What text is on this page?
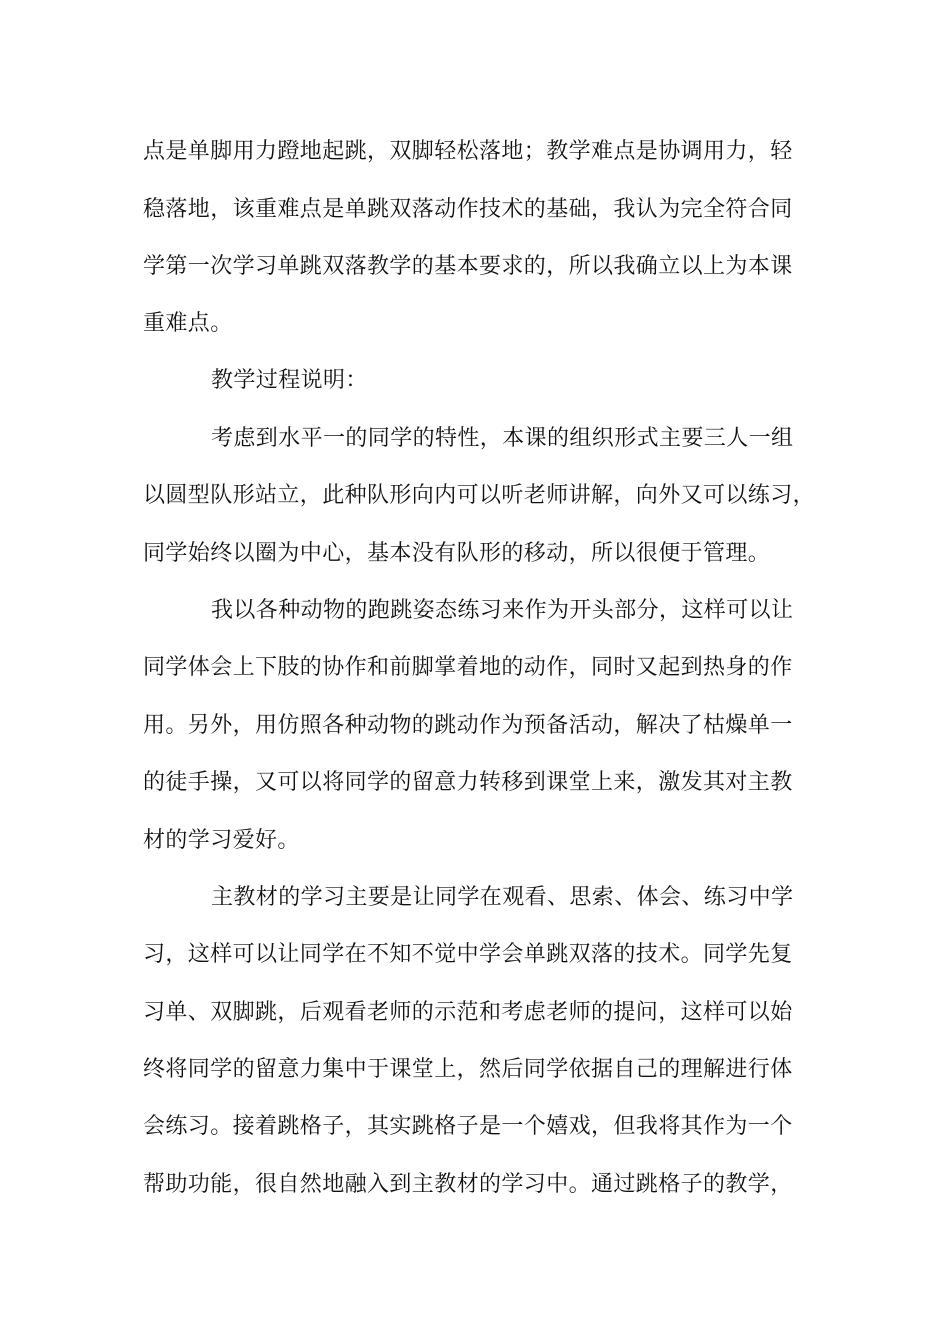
点是单脚用力蹬地起跳，双脚轻松落地；教学难点是协调用力，轻
稳落地，该重难点是单跳双落动作技术的基础，我认为完全符合同
学第一次学习单跳双落教学的基本要求的，所以我确立以上为本课
重难点。
教学过程说明：
考虑到水平一的同学的特性，本课的组织形式主要三人一组
以圆型队形站立，此种队形向内可以听老师讲解，向外又可以练习，
同学始终以圈为中心，基本没有队形的移动，所以很便于管理。
我以各种动物的跑跳姿态练习来作为开头部分，这样可以让
同学体会上下肢的协作和前脚掌着地的动作，同时又起到热身的作
用。另外，用仿照各种动物的跳动作为预备活动，解决了枯燥单一
的徒手操，又可以将同学的留意力转移到课堂上来，激发其对主教
材的学习爱好。
主教材的学习主要是让同学在观看、思索、体会、练习中学
习，这样可以让同学在不知不觉中学会单跳双落的技术。同学先复
习单、双脚跳，后观看老师的示范和考虑老师的提问，这样可以始
终将同学的留意力集中于课堂上，然后同学依据自己的理解进行体
会练习。接着跳格子，其实跳格子是一个嬉戏，但我将其作为一个
帮助功能，很自然地融入到主教材的学习中。通过跳格子的教学，
